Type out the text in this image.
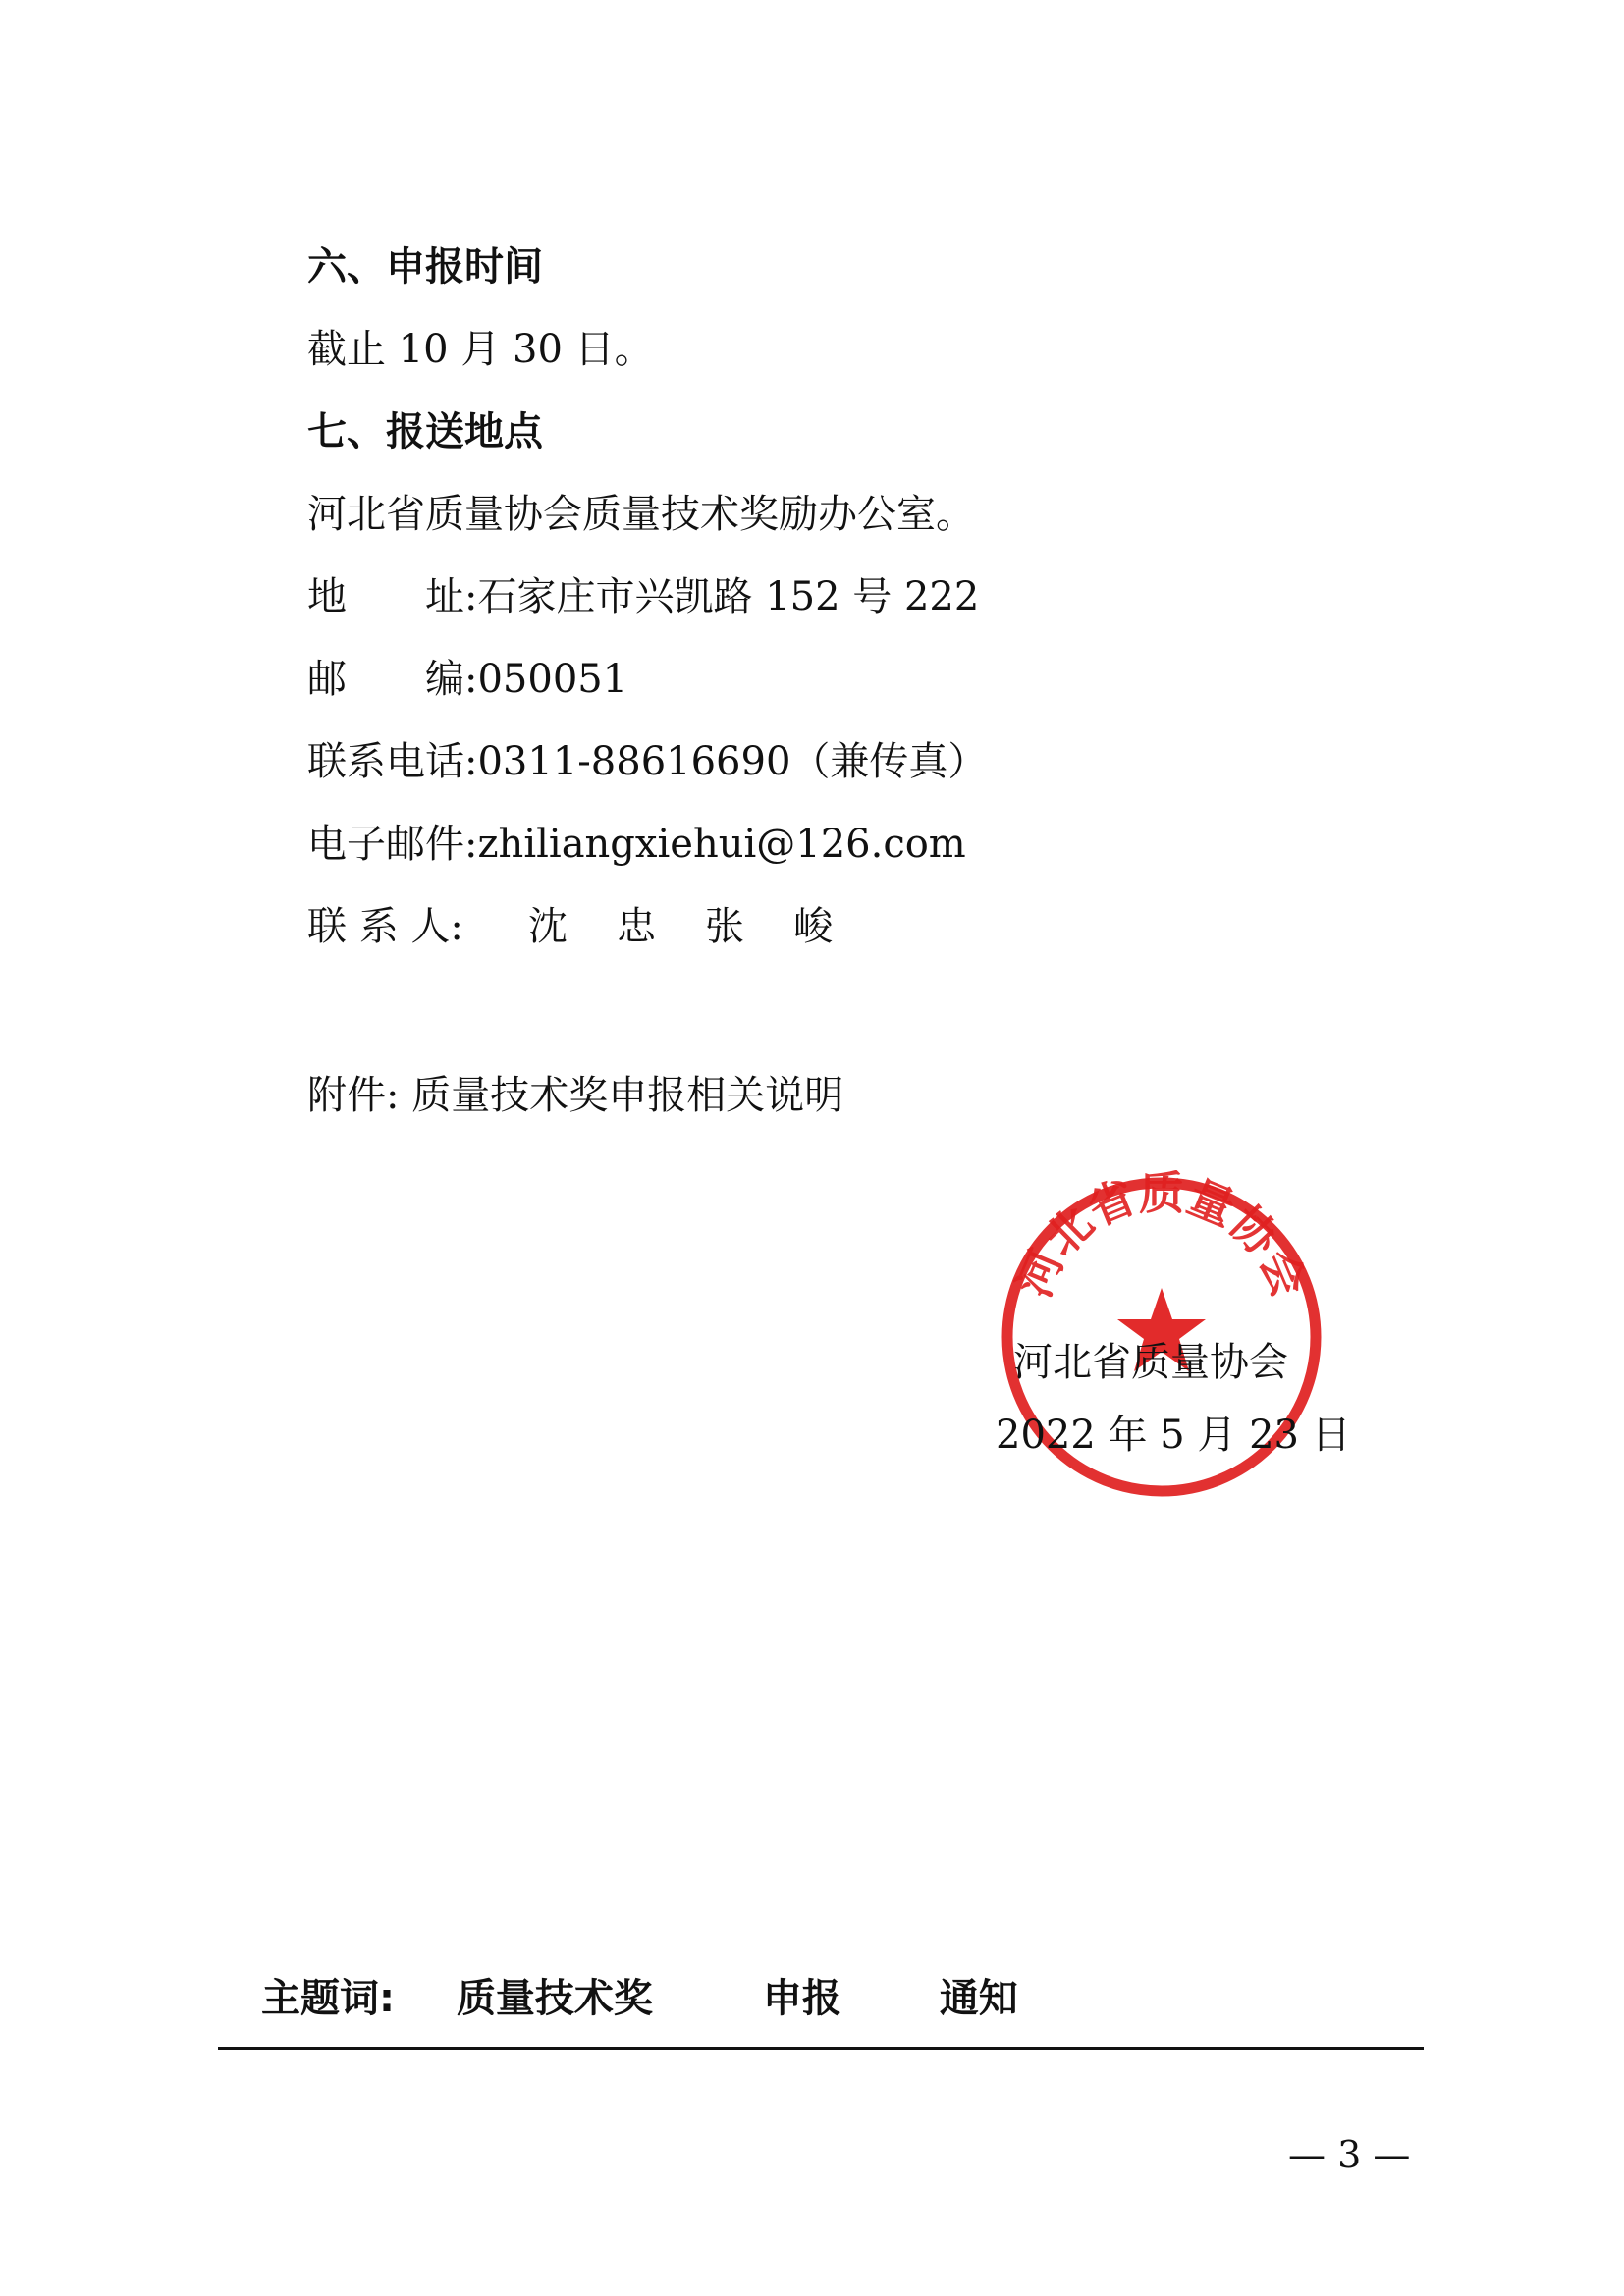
六、申报时间
截止 10 月 30 日。
七、报送地点
河北省质量协会质量技术奖励办公室。
地　　址: 石家庄市兴凯路 152 号 222
邮　　编: 050051
联系电话: 0311-88616690（兼传真）
电子邮件: zhiliangxiehui@126.com
联 系 人:	沈	忠	张	峻
附件: 质量技术奖申报相关说明
河北省质量协会
河北省质量协会
2022 年 5 月 23 日
主题词: 质量技术奖	申报 通知
— 3 —
